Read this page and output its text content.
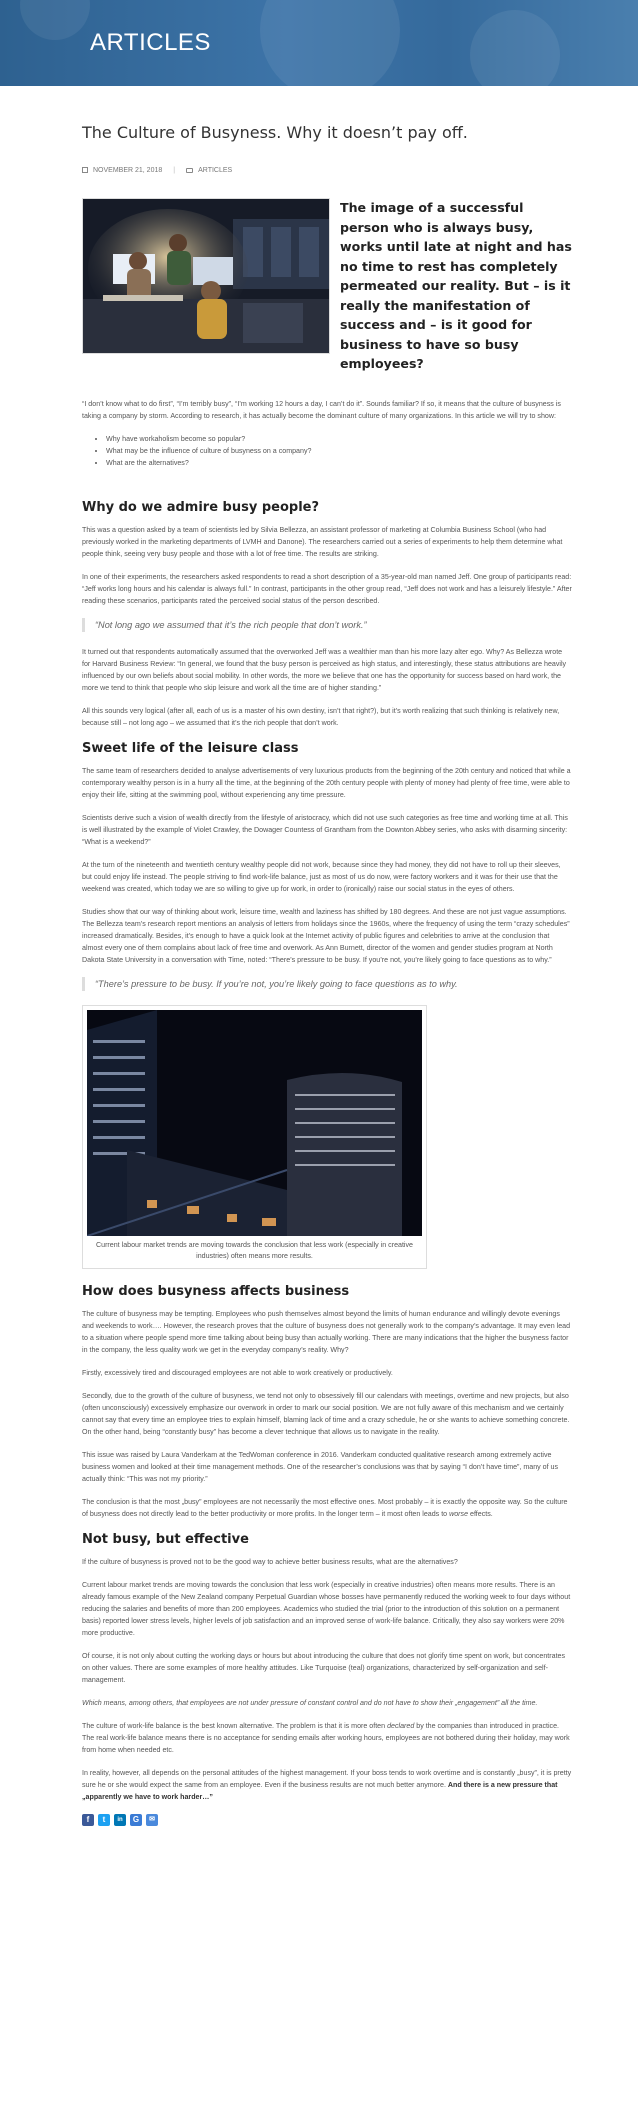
ARTICLES
The Culture of Busyness. Why it doesn’t pay off.
NOVEMBER 21, 2018 |	ARTICLES

The image of a successful person who is always busy, works until late at night and has no time to rest has completely permeated our reality. But – is it really the manifestation of success and – is it good for business to have so busy employees?

“I don’t know what to do first”, “I’m terribly busy”, “I’m working 12 hours a day, I can’t do it”. Sounds familiar? If so, it means that the culture of busyness is taking a company by storm. According to research, it has actually become the dominant culture of many organizations. In this article we will try to show:

• Why have workaholism become so popular?
• What may be the influence of culture of busyness on a company?
• What are the alternatives?
Why do we admire busy people?

This was a question asked by a team of scientists led by Silvia Bellezza, an assistant professor of marketing at Columbia Business School (who had previously worked in the marketing departments of LVMH and Danone). The researchers carried out a series of experiments to help them determine what people think, seeing very busy people and those with a lot of free time. The results are striking.

In one of their experiments, the researchers asked respondents to read a short description of a 35-year-old man named Jeff. One group of participants read: “Jeff works long hours and his calendar is always full.” In contrast, participants in the other group read, “Jeff does not work and has a leisurely lifestyle.” After reading these scenarios, participants rated the perceived social status of the person described.

“Not long ago we assumed that it’s the rich people that don’t work.”

It turned out that respondents automatically assumed that the overworked Jeff was a wealthier man than his more lazy alter ego. Why? As Bellezza wrote for Harvard Business Review: “In general, we found that the busy person is perceived as high status, and interestingly, these status attributions are heavily influenced by our own beliefs about social mobility. In other words, the more we believe that one has the opportunity for success based on hard work, the more we tend to think that people who skip leisure and work all the time are of higher standing.”

All this sounds very logical (after all, each of us is a master of his own destiny, isn’t that right?), but it’s worth realizing that such thinking is relatively new, because still – not long ago – we assumed that it’s the rich people that don’t work.

Sweet life of the leisure class

The same team of researchers decided to analyse advertisements of very luxurious products from the beginning of the 20th century and noticed that while a contemporary wealthy person is in a hurry all the time, at the beginning of the 20th century people with plenty of money had plenty of free time, were able to enjoy their life, sitting at the swimming pool, without experiencing any time pressure.

Scientists derive such a vision of wealth directly from the lifestyle of aristocracy, which did not use such categories as free time and working time at all. This is well illustrated by the example of Violet Crawley, the Dowager Countess of Grantham from the Downton Abbey series, who asks with disarming sincerity: “What is a weekend?”

At the turn of the nineteenth and twentieth century wealthy people did not work, because since they had money, they did not have to roll up their sleeves, but could enjoy life instead. The people striving to find work-life balance, just as most of us do now, were factory workers and it was for their use that the weekend was created, which today we are so willing to give up for work, in order to (ironically) raise our social status in the eyes of others.

Studies show that our way of thinking about work, leisure time, wealth and laziness has shifted by 180 degrees. And these are not just vague assumptions. The Bellezza team’s research report mentions an analysis of letters from holidays since the 1960s, where the frequency of using the term “crazy schedules” increased dramatically. Besides, it’s enough to have a quick look at the Internet activity of public figures and celebrities to arrive at the conclusion that almost every one of them complains about lack of free time and overwork. As Ann Burnett, director of the women and gender studies program at North Dakota State University in a conversation with Time, noted: “There’s pressure to be busy. If you’re not, you’re likely going to face questions as to why.”

“There’s pressure to be busy. If you’re not, you’re likely going to face questions as to why.
Current labour market trends are moving towards the conclusion that less work (especially in creative industries) often means more results.
How does busyness affects business

The culture of busyness may be tempting. Employees who push themselves almost beyond the limits of human endurance and willingly devote evenings and weekends to work…. However, the research proves that the culture of busyness does not generally work to the company’s advantage. It may even lead to a situation where people spend more time talking about being busy than actually working. There are many indications that the higher the busyness factor in the company, the less quality work we get in the everyday company’s reality. Why?

Firstly, excessively tired and discouraged employees are not able to work creatively or productively.

Secondly, due to the growth of the culture of busyness, we tend not only to obsessively fill our calendars with meetings, overtime and new projects, but also (often unconsciously) excessively emphasize our overwork in order to mark our social position. We are not fully aware of this mechanism and we certainly cannot say that every time an employee tries to explain himself, blaming lack of time and a crazy schedule, he or she wants to achieve something concrete. On the other hand, being “constantly busy” has become a clever technique that allows us to navigate in the reality.

This issue was raised by Laura Vanderkam at the TedWoman conference in 2016. Vanderkam conducted qualitative research among extremely active business women and looked at their time management methods. One of the researcher’s conclusions was that by saying “I don’t have time”, many of us actually think: “This was not my priority.”

The conclusion is that the most „busy” employees are not necessarily the most effective ones. Most probably – it is exactly the opposite way. So the culture of busyness does not directly lead to the better productivity or more profits. In the longer term – it most often leads to worse effects.

Not busy, but effective

If the culture of busyness is proved not to be the good way to achieve better business results, what are the alternatives?

Current labour market trends are moving towards the conclusion that less work (especially in creative industries) often means more results. There is an already famous example of the New Zealand company Perpetual Guardian whose bosses have permanently reduced the working week to four days without reducing the salaries and benefits of more than 200 employees. Academics who studied the trial (prior to the introduction of this solution on a permanent basis) reported lower stress levels, higher levels of job satisfaction and an improved sense of work-life balance. Critically, they also say workers were 20% more productive.

Of course, it is not only about cutting the working days or hours but about introducing the culture that does not glorify time spent on work, but concentrates on other values. There are some examples of more healthy attitudes. Like Turquoise (teal) organizations, characterized by self-organization and self-management.

Which means, among others, that employees are not under pressure of constant control and do not have to show their „engagement” all the time.

The culture of work-life balance is the best known alternative. The problem is that it is more often declared by the companies than introduced in practice. The real work-life balance means there is no acceptance for sending emails after working hours, employees are not bothered during their holiday, may work from home when needed etc.

In reality, however, all depends on the personal attitudes of the highest management. If your boss tends to work overtime and is constantly „busy”, it is pretty sure he or she would expect the same from an employee. Even if the business results are not much better anymore. And there is a new pressure that „apparently we have to work harder…”

f	t	in	G	✉
